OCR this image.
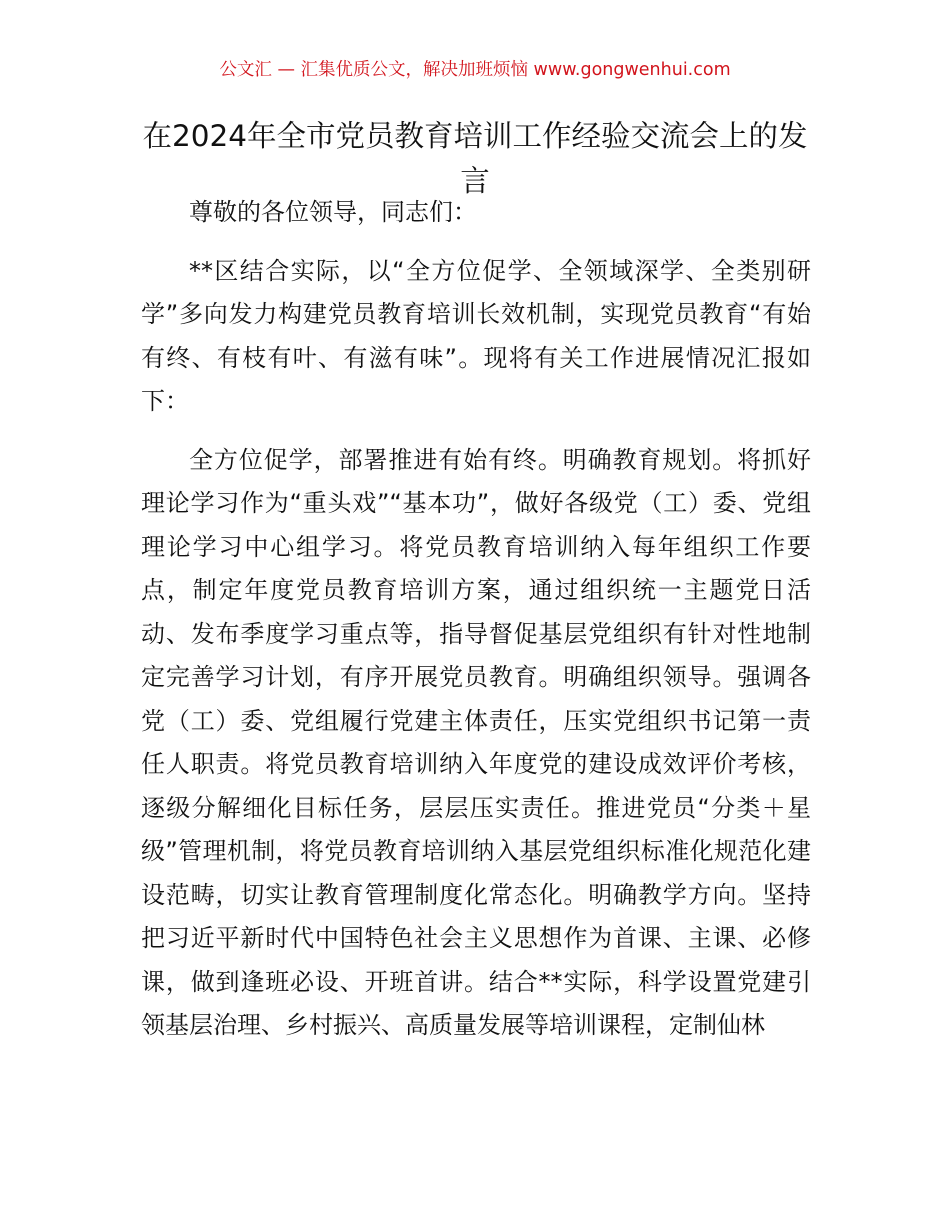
公文汇 — 汇集优质公文，解决加班烦恼 www.gongwenhui.com
在2024年全市党员教育培训工作经验交流会上的发言

尊敬的各位领导，同志们：

**区结合实际，以“全方位促学、全领域深学、全类别研学”多向发力构建党员教育培训长效机制，实现党员教育“有始有终、有枝有叶、有滋有味”。现将有关工作进展情况汇报如下：

全方位促学，部署推进有始有终。明确教育规划。将抓好理论学习作为“重头戏”“基本功”，做好各级党（工）委、党组理论学习中心组学习。将党员教育培训纳入每年组织工作要点，制定年度党员教育培训方案，通过组织统一主题党日活动、发布季度学习重点等，指导督促基层党组织有针对性地制定完善学习计划，有序开展党员教育。明确组织领导。强调各党（工）委、党组履行党建主体责任，压实党组织书记第一责任人职责。将党员教育培训纳入年度党的建设成效评价考核，逐级分解细化目标任务，层层压实责任。推进党员“分类＋星级”管理机制，将党员教育培训纳入基层党组织标准化规范化建设范畴，切实让教育管理制度化常态化。明确教学方向。坚持把习近平新时代中国特色社会主义思想作为首课、主课、必修课，做到逢班必设、开班首讲。结合**实际，科学设置党建引领基层治理、乡村振兴、高质量发展等培训课程，定制仙林
